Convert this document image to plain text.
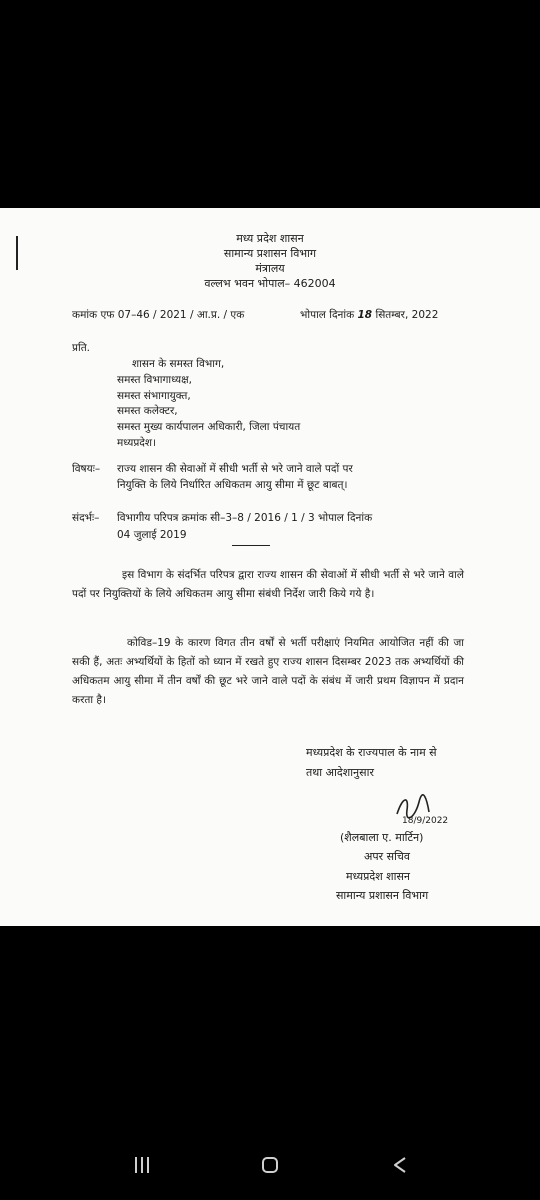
मध्य प्रदेश शासन
सामान्य प्रशासन विभाग
मंत्रालय
वल्लभ भवन भोपाल– 462004
कमांक एफ 07–46 / 2021 / आ.प्र. / एक	भोपाल दिनांक 18 सितम्बर, 2022
प्रति.
शासन के समस्त विभाग,
समस्त विभागाध्यक्ष,
समस्त संभागायुक्त,
समस्त कलेक्टर,
समस्त मुख्य कार्यपालन अधिकारी, जिला पंचायत
मध्यप्रदेश।
विषयः– राज्य शासन की सेवाओं में सीधी भर्ती से भरे जाने वाले पदों पर
नियुक्ति के लिये निर्धारित अधिकतम आयु सीमा में छूट बाबत्।
संदर्भः– विभागीय परिपत्र क्रमांक सी–3–8 / 2016 / 1 / 3 भोपाल दिनांक
04 जुलाई 2019
इस विभाग के संदर्भित परिपत्र द्वारा राज्य शासन की सेवाओं में सीधी भर्ती से भरे जाने वाले पदों पर नियुक्तियों के लिये अधिकतम आयु सीमा संबंधी निर्देश जारी किये गये है।
कोविड–19 के कारण विगत तीन वर्षों से भर्ती परीक्षाएं नियमित आयोजित नहीं की जा सकी हैं, अतः अभ्यर्थियों के हितों को ध्यान में रखते हुए राज्य शासन दिसम्बर 2023 तक अभ्यर्थियों की अधिकतम आयु सीमा में तीन वर्षों की छूट भरे जाने वाले पदों के संबंध में जारी प्रथम विज्ञापन में प्रदान करता है।
मध्यप्रदेश के राज्यपाल के नाम से
तथा आदेशानुसार
18/9/2022
(शैलबाला ए. मार्टिन)
अपर सचिव
मध्यप्रदेश शासन
सामान्य प्रशासन विभाग
